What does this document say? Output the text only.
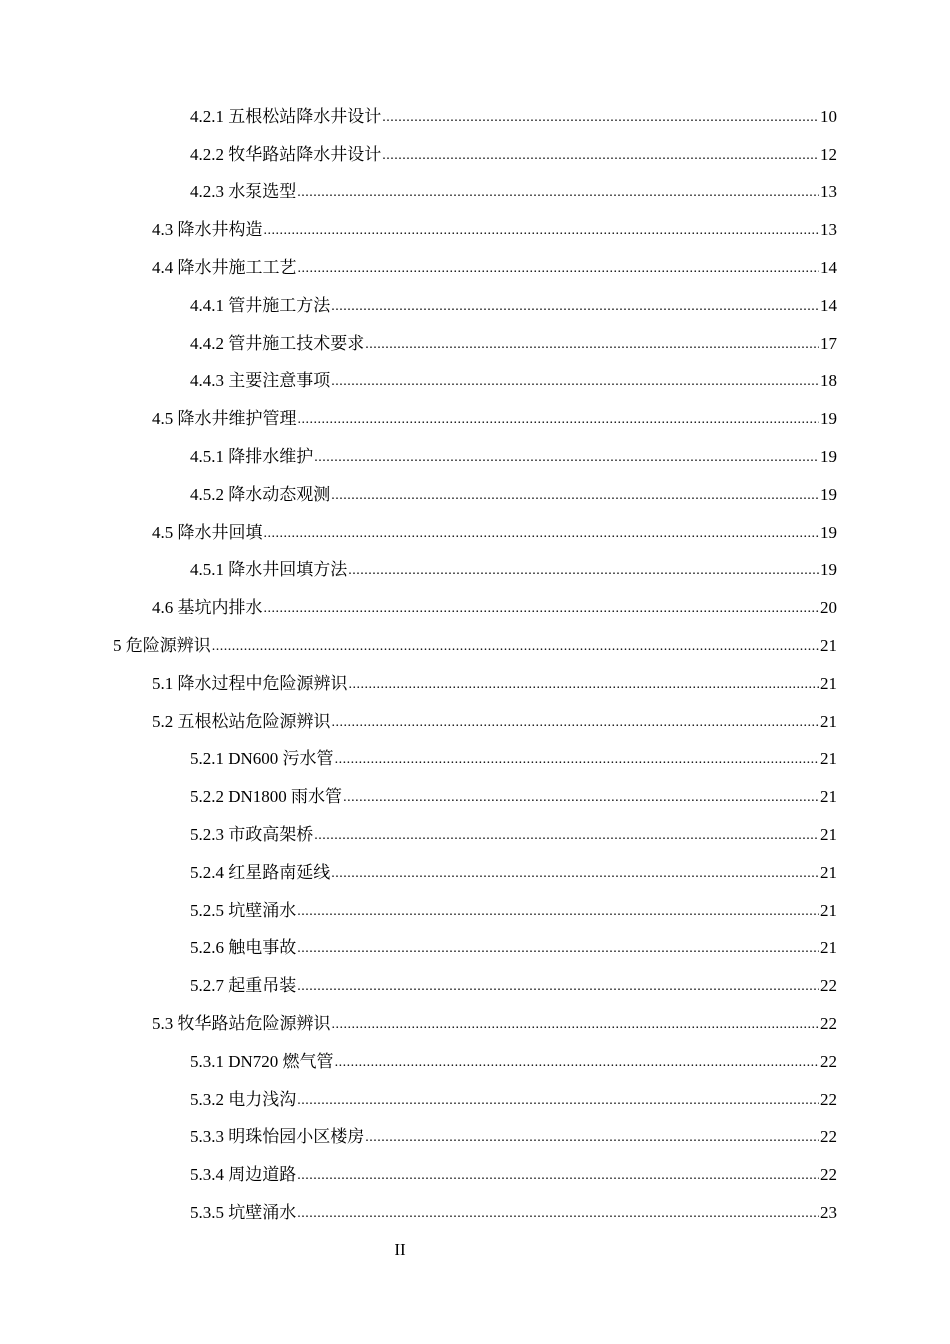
4.2.1 五根松站降水井设计 .....	10
4.2.2 牧华路站降水井设计 .....	12
4.2.3 水泵选型 .....	13
4.3 降水井构造 .....	13
4.4 降水井施工工艺 .....	14
4.4.1 管井施工方法 .....	14
4.4.2 管井施工技术要求 .....	17
4.4.3 主要注意事项 .....	18
4.5 降水井维护管理 .....	19
4.5.1 降排水维护 .....	19
4.5.2 降水动态观测 .....	19
4.5 降水井回填 .....	19
4.5.1 降水井回填方法 .....	19
4.6 基坑内排水 .....	20
5 危险源辨识 .....	21
5.1 降水过程中危险源辨识 .....	21
5.2 五根松站危险源辨识 .....	21
5.2.1 DN600 污水管 .....	21
5.2.2 DN1800 雨水管 .....	21
5.2.3 市政高架桥 .....	21
5.2.4 红星路南延线 .....	21
5.2.5 坑壁涌水 .....	21
5.2.6 触电事故 .....	21
5.2.7 起重吊装 .....	22
5.3 牧华路站危险源辨识 .....	22
5.3.1 DN720 燃气管 .....	22
5.3.2 电力浅沟 .....	22
5.3.3 明珠怡园小区楼房 .....	22
5.3.4 周边道路 .....	22
5.3.5 坑壁涌水 .....	23
II
